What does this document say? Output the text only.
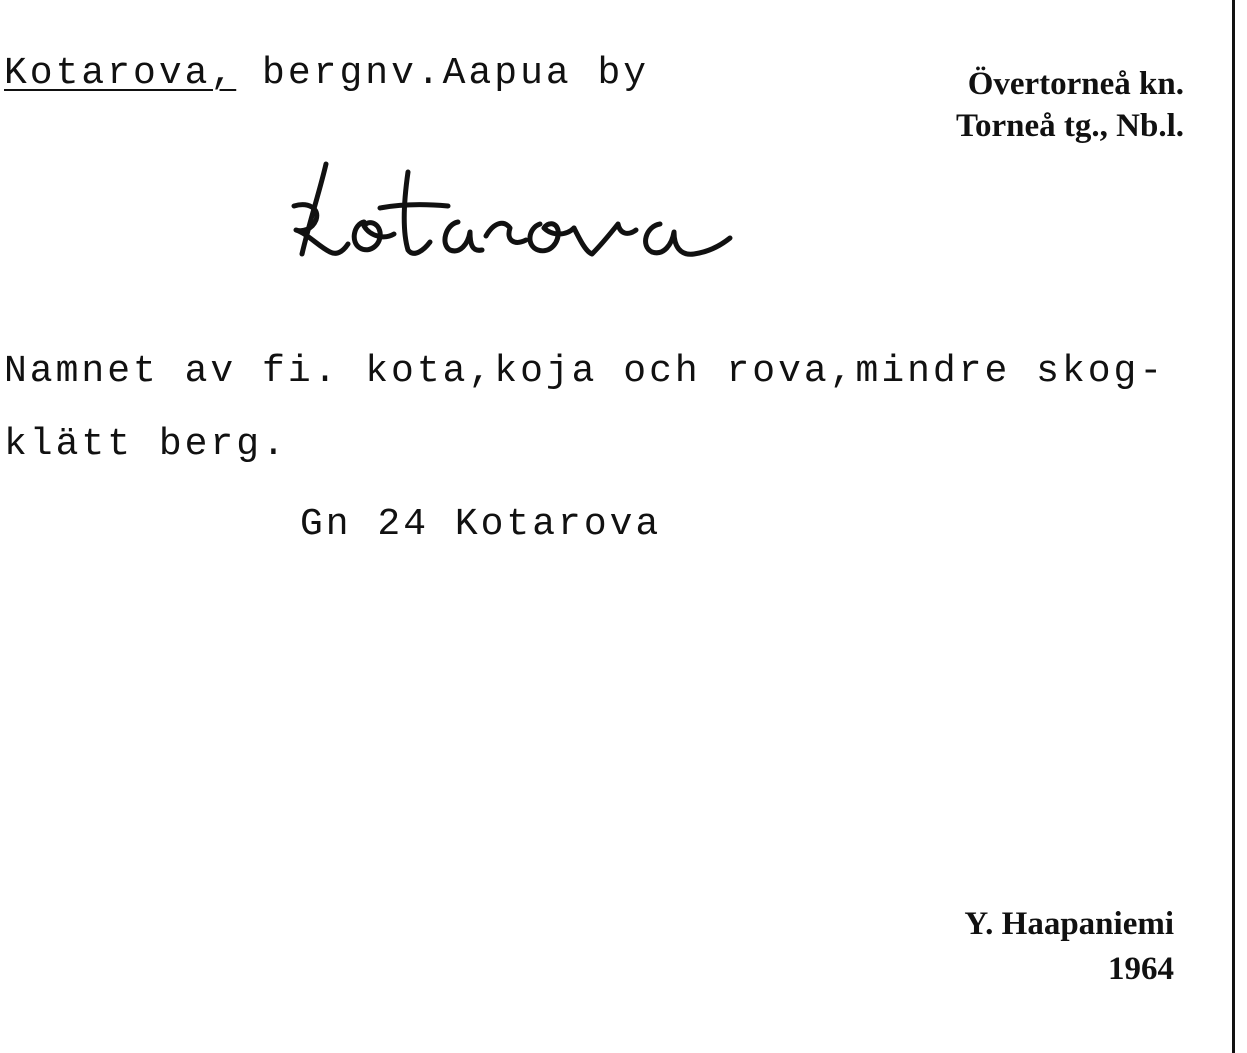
Kotarova, bergnv.Aapua by	Övertorneå kn.
Torneå tg., Nb.l.
Namnet av fi. kota,koja och rova,mindre skog-
klätt berg.
Gn 24 Kotarova
Y. Haapaniemi
1964
